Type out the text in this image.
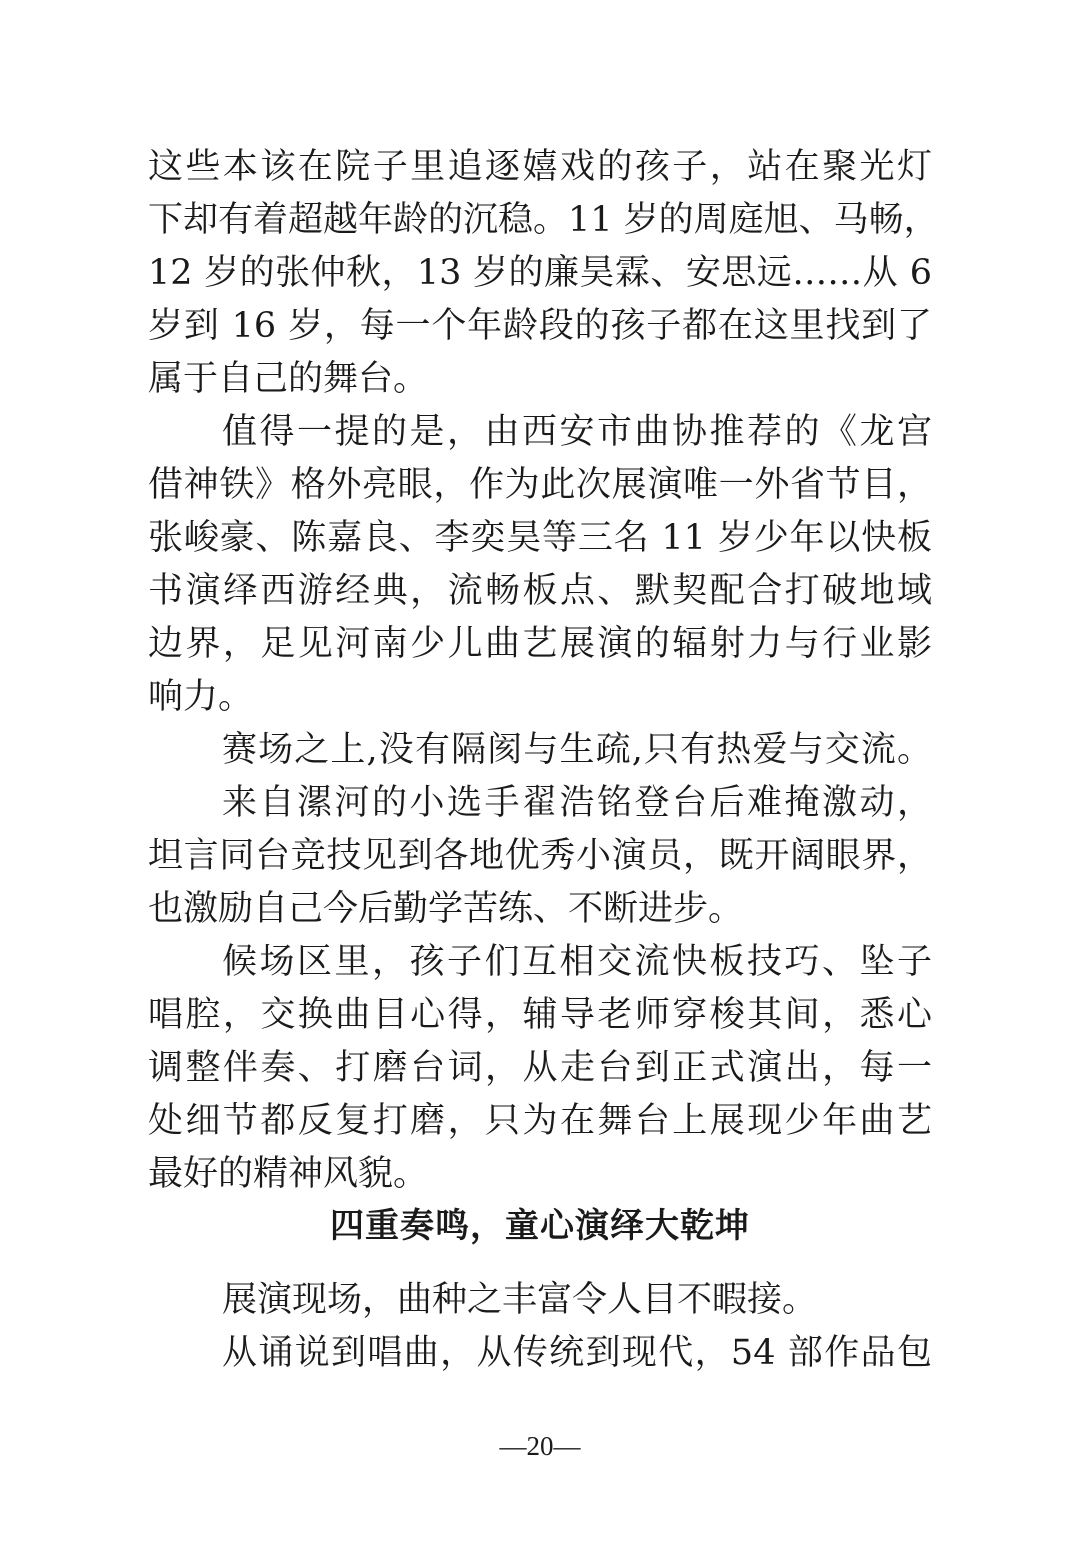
这些本该在院子里追逐嬉戏的孩子，站在聚光灯
下却有着超越年龄的沉稳。11 岁的周庭旭、马畅，
12 岁的张仲秋，13 岁的廉昊霖、安思远……从 6
岁到 16 岁，每一个年龄段的孩子都在这里找到了
属于自己的舞台。
值得一提的是，由西安市曲协推荐的《龙宫
借神铁》格外亮眼，作为此次展演唯一外省节目，
张峻豪、陈嘉良、李奕昊等三名 11 岁少年以快板
书演绎西游经典，流畅板点、默契配合打破地域
边界，足见河南少儿曲艺展演的辐射力与行业影
响力。
赛场之上,没有隔阂与生疏,只有热爱与交流。
来自漯河的小选手翟浩铭登台后难掩激动，
坦言同台竞技见到各地优秀小演员，既开阔眼界，
也激励自己今后勤学苦练、不断进步。
候场区里，孩子们互相交流快板技巧、坠子
唱腔，交换曲目心得，辅导老师穿梭其间，悉心
调整伴奏、打磨台词，从走台到正式演出，每一
处细节都反复打磨，只为在舞台上展现少年曲艺
最好的精神风貌。
四重奏鸣，童心演绎大乾坤
展演现场，曲种之丰富令人目不暇接。
从诵说到唱曲，从传统到现代，54 部作品包
—20—
